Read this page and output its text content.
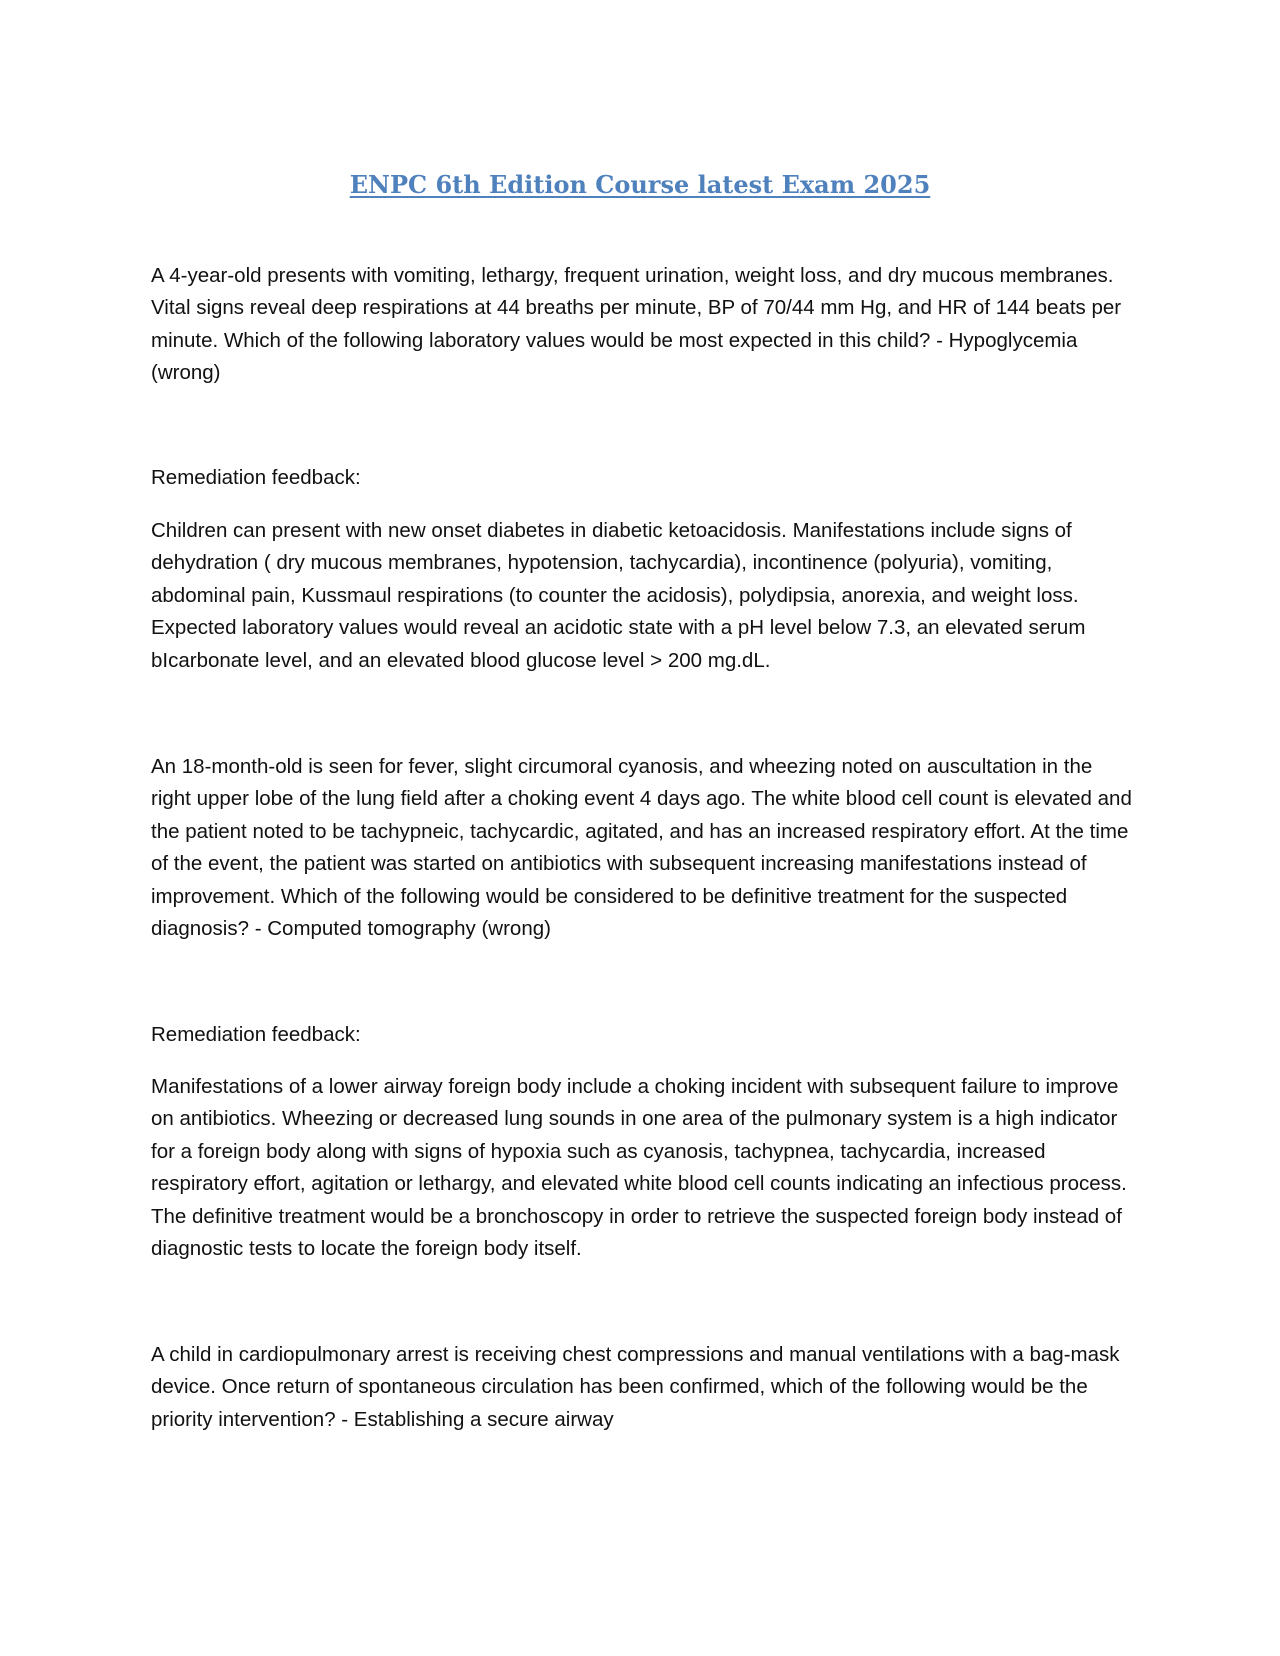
ENPC 6th Edition Course latest Exam 2025

A 4-year-old presents with vomiting, lethargy, frequent urination, weight loss, and dry mucous membranes. Vital signs reveal deep respirations at 44 breaths per minute, BP of 70/44 mm Hg, and HR of 144 beats per minute. Which of the following laboratory values would be most expected in this child? - Hypoglycemia (wrong)

Remediation feedback:

Children can present with new onset diabetes in diabetic ketoacidosis. Manifestations include signs of dehydration ( dry mucous membranes, hypotension, tachycardia), incontinence (polyuria), vomiting, abdominal pain, Kussmaul respirations (to counter the acidosis), polydipsia, anorexia, and weight loss. Expected laboratory values would reveal an acidotic state with a pH level below 7.3, an elevated serum bIcarbonate level, and an elevated blood glucose level > 200 mg.dL.

An 18-month-old is seen for fever, slight circumoral cyanosis, and wheezing noted on auscultation in the right upper lobe of the lung field after a choking event 4 days ago. The white blood cell count is elevated and the patient noted to be tachypneic, tachycardic, agitated, and has an increased respiratory effort. At the time of the event, the patient was started on antibiotics with subsequent increasing manifestations instead of improvement. Which of the following would be considered to be definitive treatment for the suspected diagnosis? - Computed tomography (wrong)

Remediation feedback:

Manifestations of a lower airway foreign body include a choking incident with subsequent failure to improve on antibiotics. Wheezing or decreased lung sounds in one area of the pulmonary system is a high indicator for a foreign body along with signs of hypoxia such as cyanosis, tachypnea, tachycardia, increased respiratory effort, agitation or lethargy, and elevated white blood cell counts indicating an infectious process. The definitive treatment would be a bronchoscopy in order to retrieve the suspected foreign body instead of diagnostic tests to locate the foreign body itself.

A child in cardiopulmonary arrest is receiving chest compressions and manual ventilations with a bag-mask device. Once return of spontaneous circulation has been confirmed, which of the following would be the priority intervention? - Establishing a secure airway
